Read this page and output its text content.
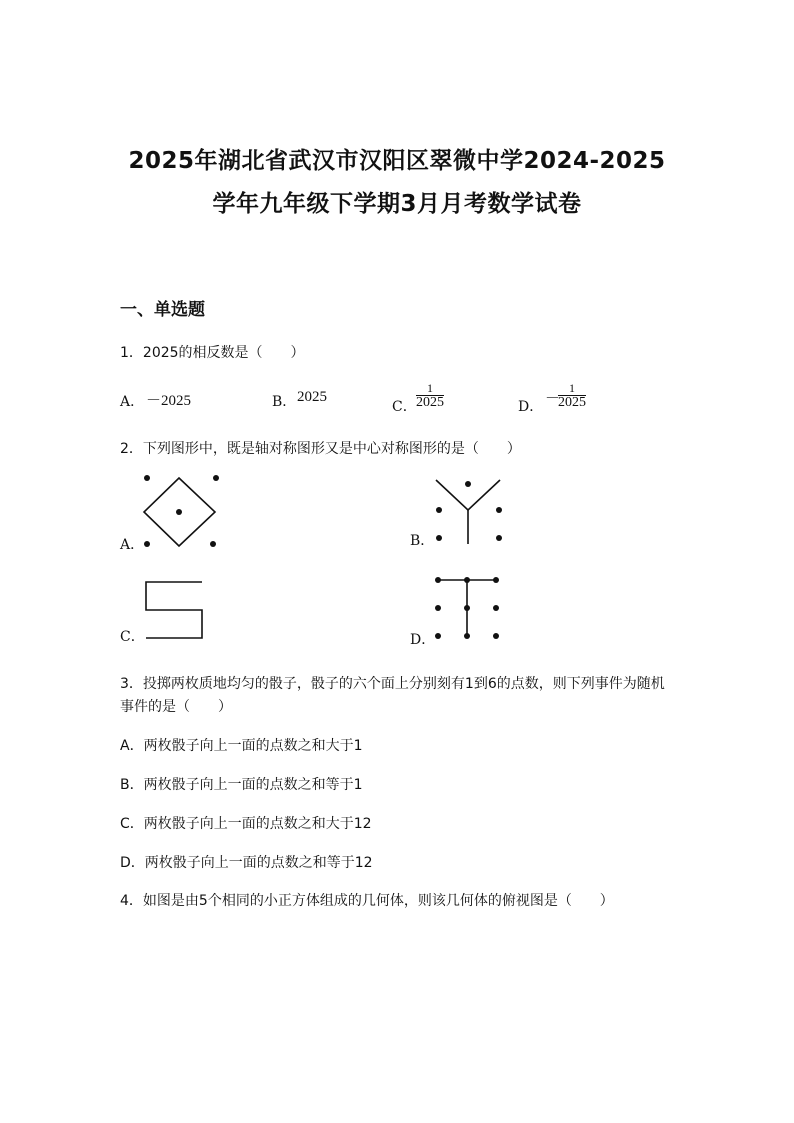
2025年湖北省武汉市汉阳区翠微中学2024-2025
学年九年级下学期3月月考数学试卷
一、单选题
1．2025的相反数是（　　）
A． －2025	B． 2025
C．
1
2025	D． －
1
2025
2．下列图形中，既是轴对称图形又是中心对称图形的是（　　）
A．	B．
C．	D．
3．投掷两枚质地均匀的骰子，骰子的六个面上分别刻有1到6的点数，则下列事件为随机
事件的是（　　）
A．两枚骰子向上一面的点数之和大于1
B．两枚骰子向上一面的点数之和等于1
C．两枚骰子向上一面的点数之和大于12
D．两枚骰子向上一面的点数之和等于12
4．如图是由5个相同的小正方体组成的几何体，则该几何体的俯视图是（　　）
